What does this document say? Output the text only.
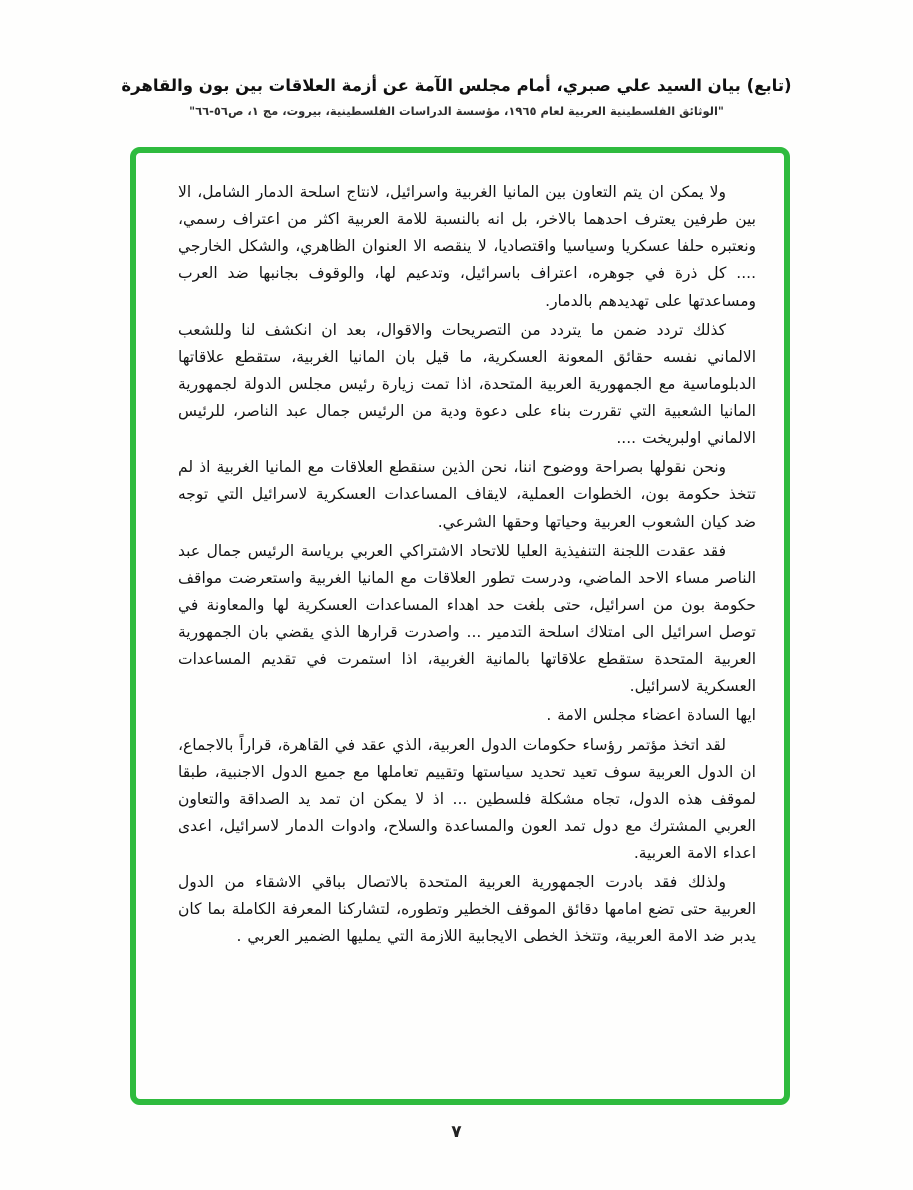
(تابع) بيان السيد علي صبري، أمام مجلس الآمة عن أزمة العلاقات بين بون والقاهرة
"الوثائق الفلسطينية العربية لعام ١٩٦٥، مؤسسة الدراسات الفلسطينية، بيروت، مج ١، ص٥٦-٦٦"

ولا يمكن ان يتم التعاون بين المانيا الغربية واسرائيل، لانتاج اسلحة الدمار الشامل، الا بين طرفين يعترف احدهما بالاخر، بل انه بالنسبة للامة العربية اكثر من اعتراف رسمي، ونعتبره حلفا عسكريا وسياسيا واقتصاديا، لا ينقصه الا العنوان الظاهري، والشكل الخارجي .... كل ذرة في جوهره، اعتراف باسرائيل، وتدعيم لها، والوقوف بجانبها ضد العرب ومساعدتها على تهديدهم بالدمار.

كذلك تردد ضمن ما يتردد من التصريحات والاقوال، بعد ان انكشف لنا وللشعب الالماني نفسه حقائق المعونة العسكرية، ما قيل بان المانيا الغربية، ستقطع علاقاتها الدبلوماسية مع الجمهورية العربية المتحدة، اذا تمت زيارة رئيس مجلس الدولة لجمهورية المانيا الشعبية التي تقررت بناء على دعوة ودية من الرئيس جمال عبد الناصر، للرئيس الالماني اولبريخت ....

ونحن نقولها بصراحة ووضوح اننا، نحن الذين سنقطع العلاقات مع المانيا الغربية اذ لم تتخذ حكومة بون، الخطوات العملية، لايقاف المساعدات العسكرية لاسرائيل التي توجه ضد كيان الشعوب العربية وحياتها وحقها الشرعي.

فقد عقدت اللجنة التنفيذية العليا للاتحاد الاشتراكي العربي برياسة الرئيس جمال عبد الناصر مساء الاحد الماضي، ودرست تطور العلاقات مع المانيا الغربية واستعرضت مواقف حكومة بون من اسرائيل، حتى بلغت حد اهداء المساعدات العسكرية لها والمعاونة في توصل اسرائيل الى امتلاك اسلحة التدمير ... واصدرت قرارها الذي يقضي بان الجمهورية العربية المتحدة ستقطع علاقاتها بالمانية الغربية، اذا استمرت في تقديم المساعدات العسكرية لاسرائيل.

ايها السادة اعضاء مجلس الامة .

لقد اتخذ مؤتمر رؤساء حكومات الدول العربية، الذي عقد في القاهرة، قراراً بالاجماع، ان الدول العربية سوف تعيد تحديد سياستها وتقييم تعاملها مع جميع الدول الاجنبية، طبقا لموقف هذه الدول، تجاه مشكلة فلسطين ... اذ لا يمكن ان تمد يد الصداقة والتعاون العربي المشترك مع دول تمد العون والمساعدة والسلاح، وادوات الدمار لاسرائيل، اعدى اعداء الامة العربية.

ولذلك فقد بادرت الجمهورية العربية المتحدة بالاتصال بباقي الاشقاء من الدول العربية حتى تضع امامها دقائق الموقف الخطير وتطوره، لتشاركنا المعرفة الكاملة بما كان يدبر ضد الامة العربية، وتتخذ الخطى الايجابية اللازمة التي يمليها الضمير العربي .

٧
